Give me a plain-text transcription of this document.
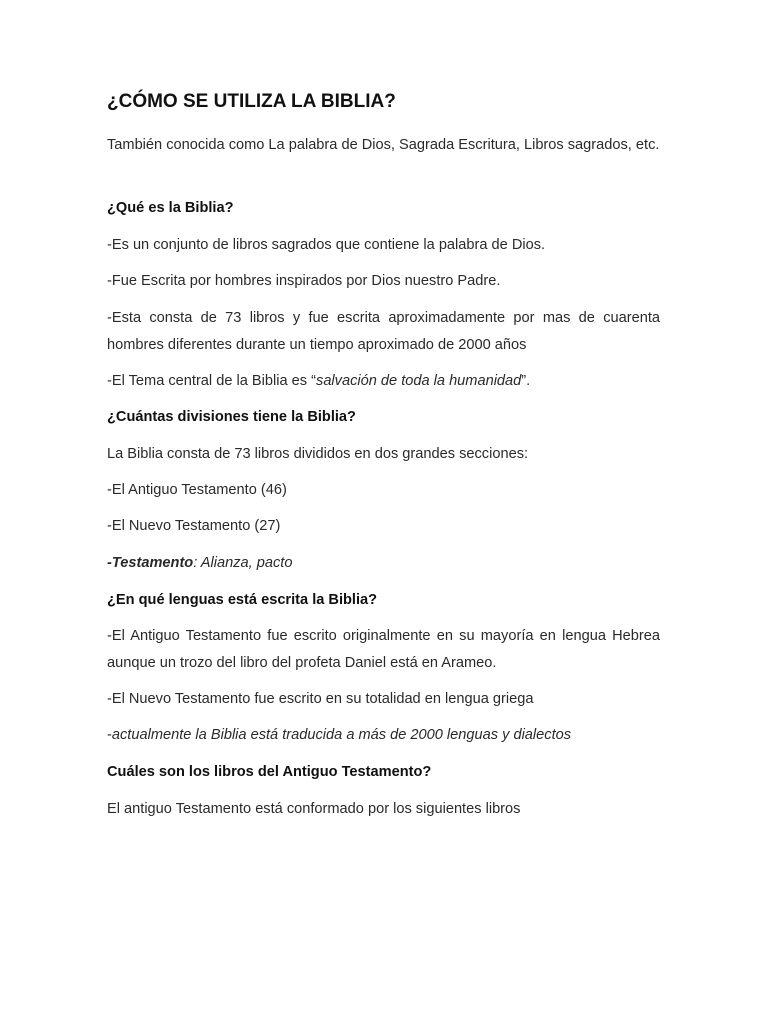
¿CÓMO SE UTILIZA LA BIBLIA?

También conocida como La palabra de Dios, Sagrada Escritura, Libros sagrados, etc.

¿Qué es la Biblia?

-Es un conjunto de libros sagrados que contiene la palabra de Dios.

-Fue Escrita por hombres inspirados por Dios nuestro Padre.

-Esta consta de 73 libros y fue escrita aproximadamente por mas de cuarenta hombres diferentes durante un tiempo aproximado de 2000 años

-El Tema central de la Biblia es “salvación de toda la humanidad”.

¿Cuántas divisiones tiene la Biblia?

La Biblia consta de 73 libros divididos en dos grandes secciones:

-El Antiguo Testamento (46)

-El Nuevo Testamento (27)

-Testamento: Alianza, pacto

¿En qué lenguas está escrita la Biblia?

-El Antiguo Testamento fue escrito originalmente en su mayoría en lengua Hebrea aunque un trozo del libro del profeta Daniel está en Arameo.

-El Nuevo Testamento fue escrito en su totalidad en lengua griega

-actualmente la Biblia está traducida a más de 2000 lenguas y dialectos

Cuáles son los libros del Antiguo Testamento?

El antiguo Testamento está conformado por los siguientes libros
